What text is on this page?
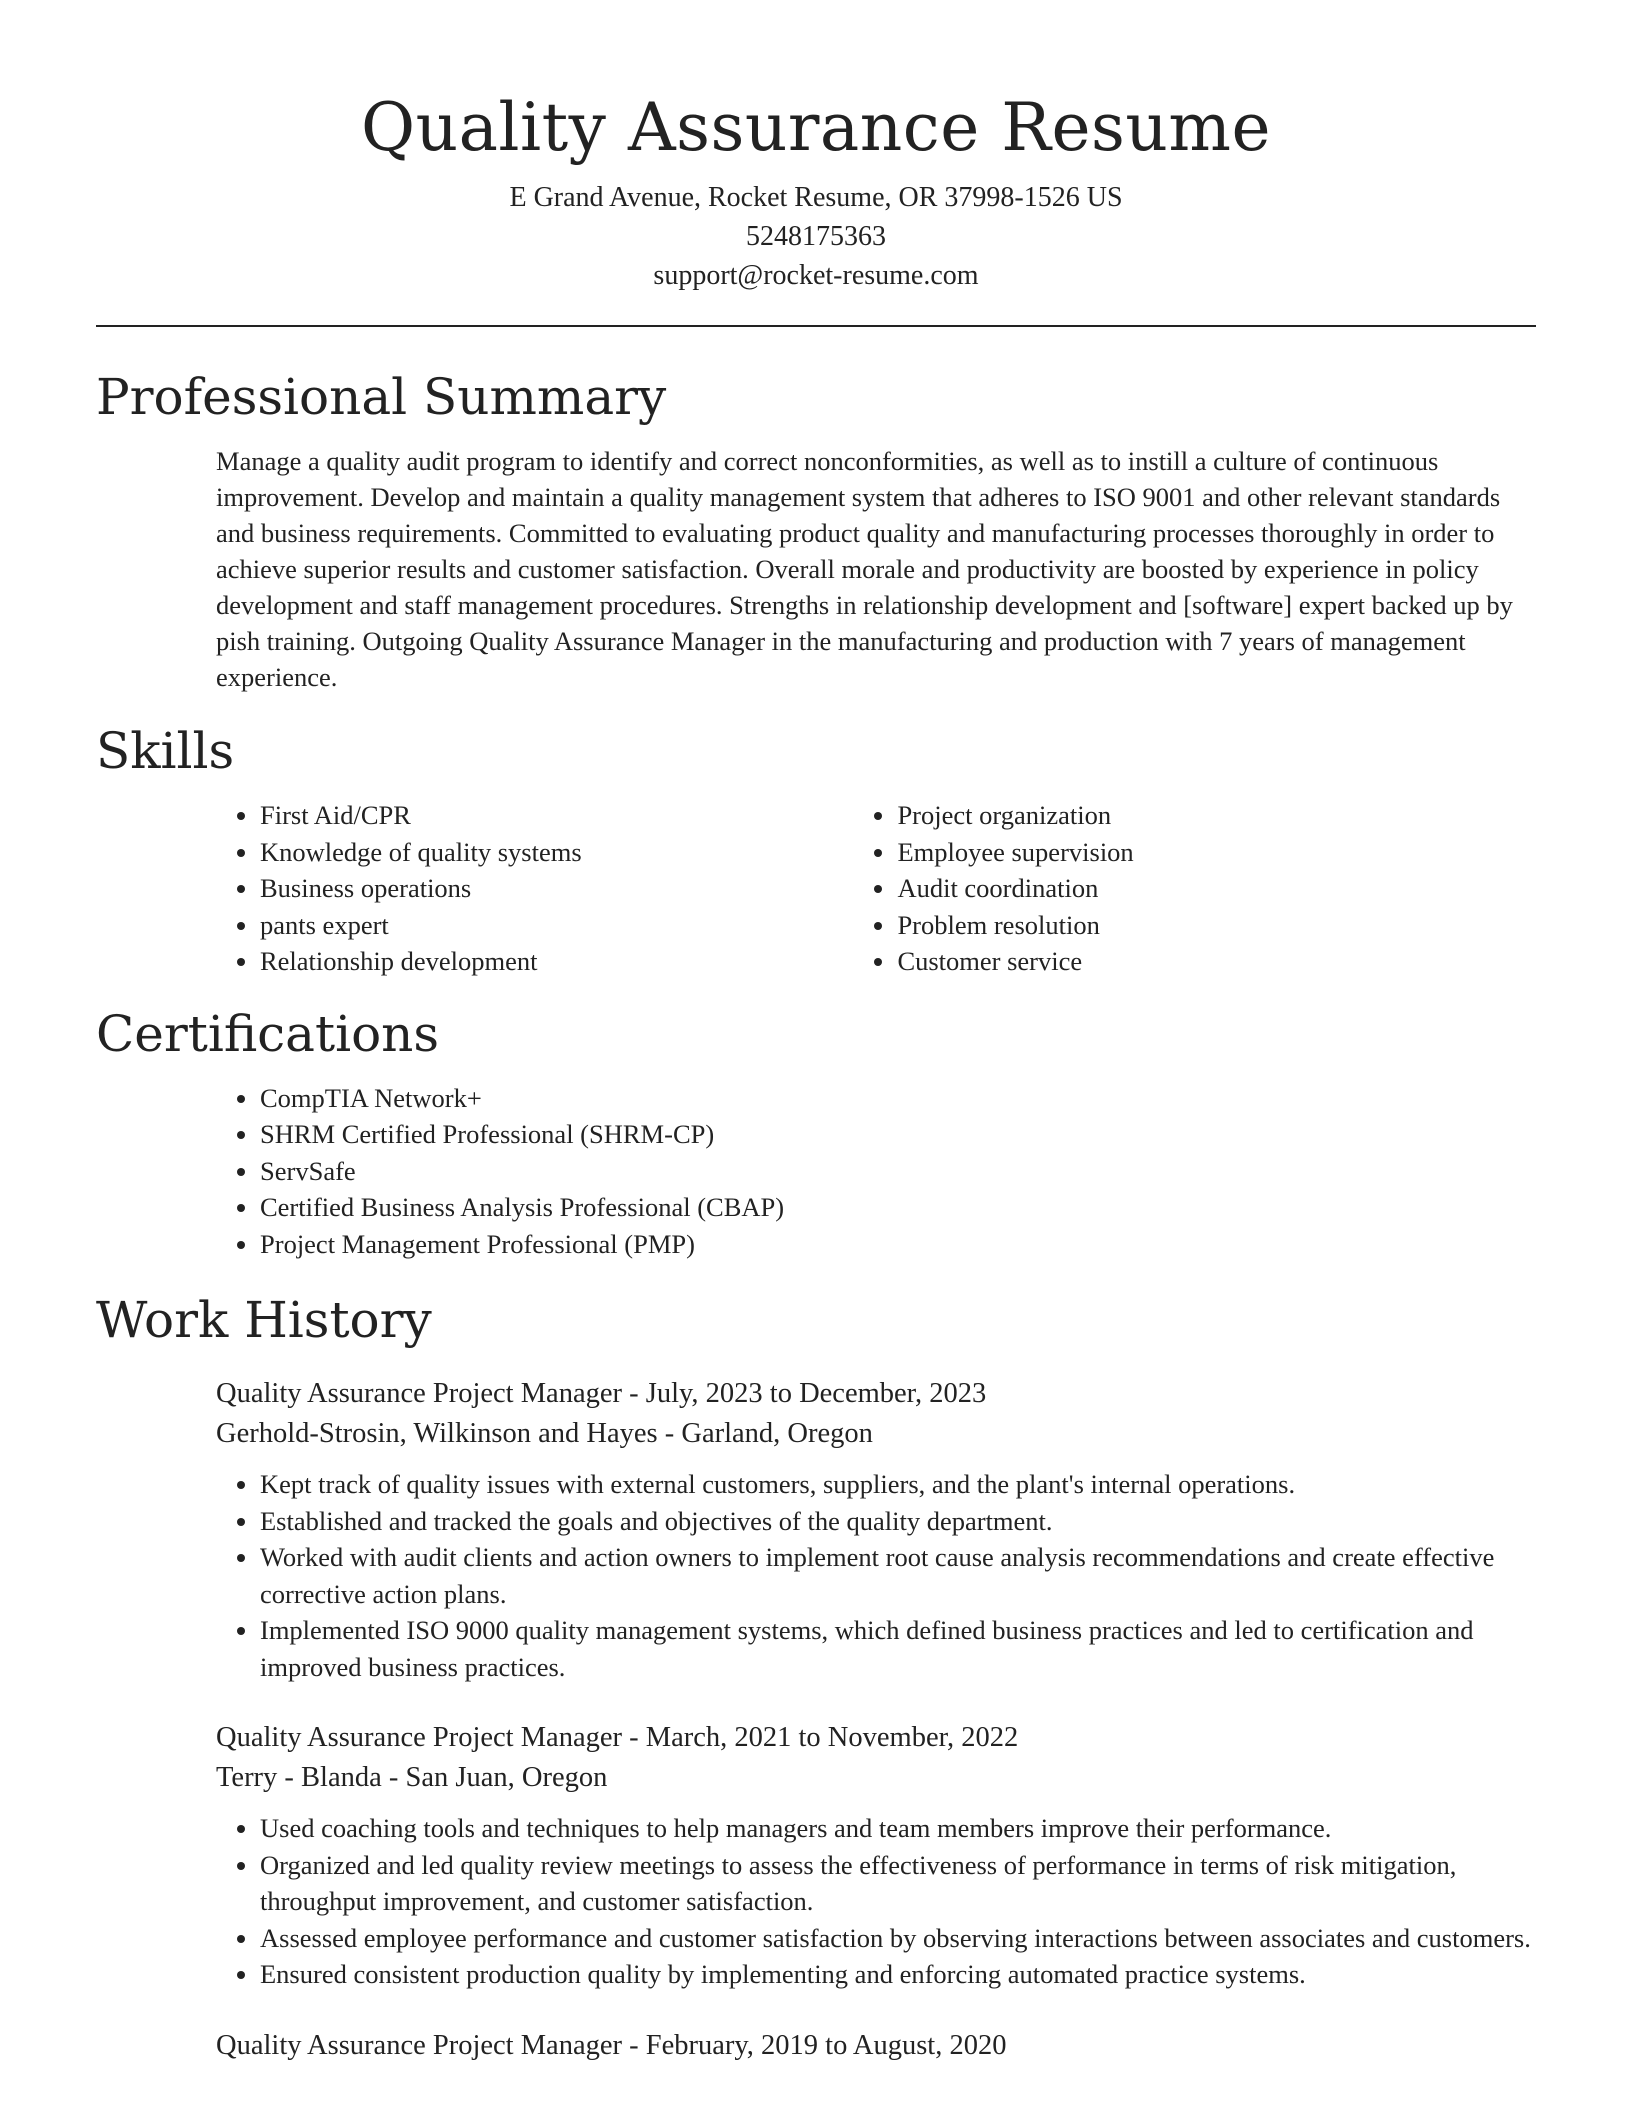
Quality Assurance Resume
E Grand Avenue, Rocket Resume, OR 37998-1526 US
5248175363
support@rocket-resume.com
Professional Summary

Manage a quality audit program to identify and correct nonconformities, as well as to instill a culture of continuous improvement. Develop and maintain a quality management system that adheres to ISO 9001 and other relevant standards and business requirements. Committed to evaluating product quality and manufacturing processes thoroughly in order to achieve superior results and customer satisfaction. Overall morale and productivity are boosted by experience in policy development and staff management procedures. Strengths in relationship development and [software] expert backed up by pish training. Outgoing Quality Assurance Manager in the manufacturing and production with 7 years of management experience.

Skills
• First Aid/CPR
• Knowledge of quality systems
• Business operations
• pants expert
• Relationship development
• Project organization
• Employee supervision
• Audit coordination
• Problem resolution
• Customer service
Certifications
• CompTIA Network+
• SHRM Certified Professional (SHRM-CP)
• ServSafe
• Certified Business Analysis Professional (CBAP)
• Project Management Professional (PMP)
Work History
Quality Assurance Project Manager - July, 2023 to December, 2023
Gerhold-Strosin, Wilkinson and Hayes - Garland, Oregon
• Kept track of quality issues with external customers, suppliers, and the plant's internal operations.
• Established and tracked the goals and objectives of the quality department.
• Worked with audit clients and action owners to implement root cause analysis recommendations and create effective corrective action plans.
• Implemented ISO 9000 quality management systems, which defined business practices and led to certification and improved business practices.
Quality Assurance Project Manager - March, 2021 to November, 2022
Terry - Blanda - San Juan, Oregon
• Used coaching tools and techniques to help managers and team members improve their performance.
• Organized and led quality review meetings to assess the effectiveness of performance in terms of risk mitigation, throughput improvement, and customer satisfaction.
• Assessed employee performance and customer satisfaction by observing interactions between associates and customers.
• Ensured consistent production quality by implementing and enforcing automated practice systems.
Quality Assurance Project Manager - February, 2019 to August, 2020
